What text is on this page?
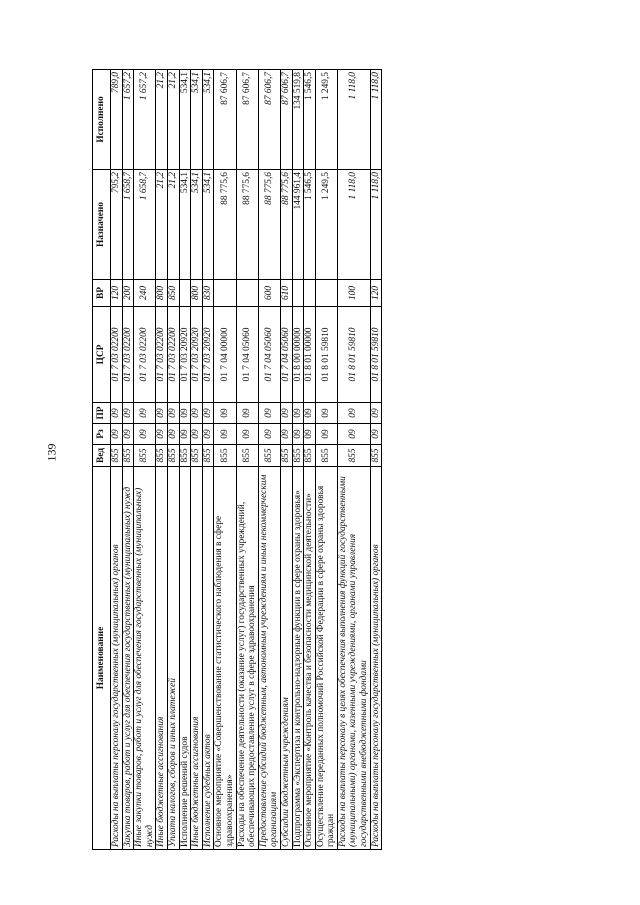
139
Наименование	Вед	Рз	ПР	ЦСР	ВР	Назначено	Исполнено
Расходы на выплаты персоналу государственных (муниципальных) органов	855	09	09	01 7 03 02200	120	795,2	789,0
Закупка товаров, работ и услуг для обеспечения государственных (муниципальных) нужд	855	09	09	01 7 03 02200	200	1 658,7	1 657,2
Иные закупки товаров, работ и услуг для обеспечения государственных (муниципальных) нужд	855	09	09	01 7 03 02200	240	1 658,7	1 657,2
Иные бюджетные ассигнования	855	09	09	01 7 03 02200	800	21,2	21,2
Уплата налогов, сборов и иных платежей	855	09	09	01 7 03 02200	850	21,2	21,2
Исполнение решений судов	855	09	09	01 7 03 20920		534,1	534,1
Иные бюджетные ассигнования	855	09	09	01 7 03 20920	800	534,1	534,1
Исполнение судебных актов	855	09	09	01 7 03 20920	830	534,1	534,1
Основное мероприятие «Совершенствование статистического наблюдения в сфере здравоохранения»	855	09	09	01 7 04 00000		88 775,6	87 606,7
Расходы на обеспечение деятельности (оказание услуг) государственных учреждений, обеспечивающих предоставление услуг в сфере здравоохранения	855	09	09	01 7 04 05060		88 775,6	87 606,7
Предоставление субсидий бюджетным, автономным учреждениям и иным некоммерческим организациям	855	09	09	01 7 04 05060	600	88 775,6	87 606,7
Субсидии бюджетным учреждениям	855	09	09	01 7 04 05060	610	88 775,6	87 606,7
Подпрограмма «Экспертиза и контрольно-надзорные функции в сфере охраны здоровья»	855	09	09	01 8 00 00000		144 961,4	134 519,8
Основное мероприятие «Контроль качества и безопасности медицинской деятельности»	855	09	09	01 8 01 00000		1 546,5	1 546,5
Осуществление переданных полномочий Российской Федерации в сфере охраны здоровья граждан	855	09	09	01 8 01 59810		1 249,5	1 249,5
Расходы на выплаты персоналу в целях обеспечения выполнения функций государственными (муниципальными) органами, казенными учреждениями, органами управления государственными внебюджетными фондами	855	09	09	01 8 01 59810	100	1 118,0	1 118,0
Расходы на выплаты персоналу государственных (муниципальных) органов	855	09	09	01 8 01 59810	120	1 118,0	1 118,0
